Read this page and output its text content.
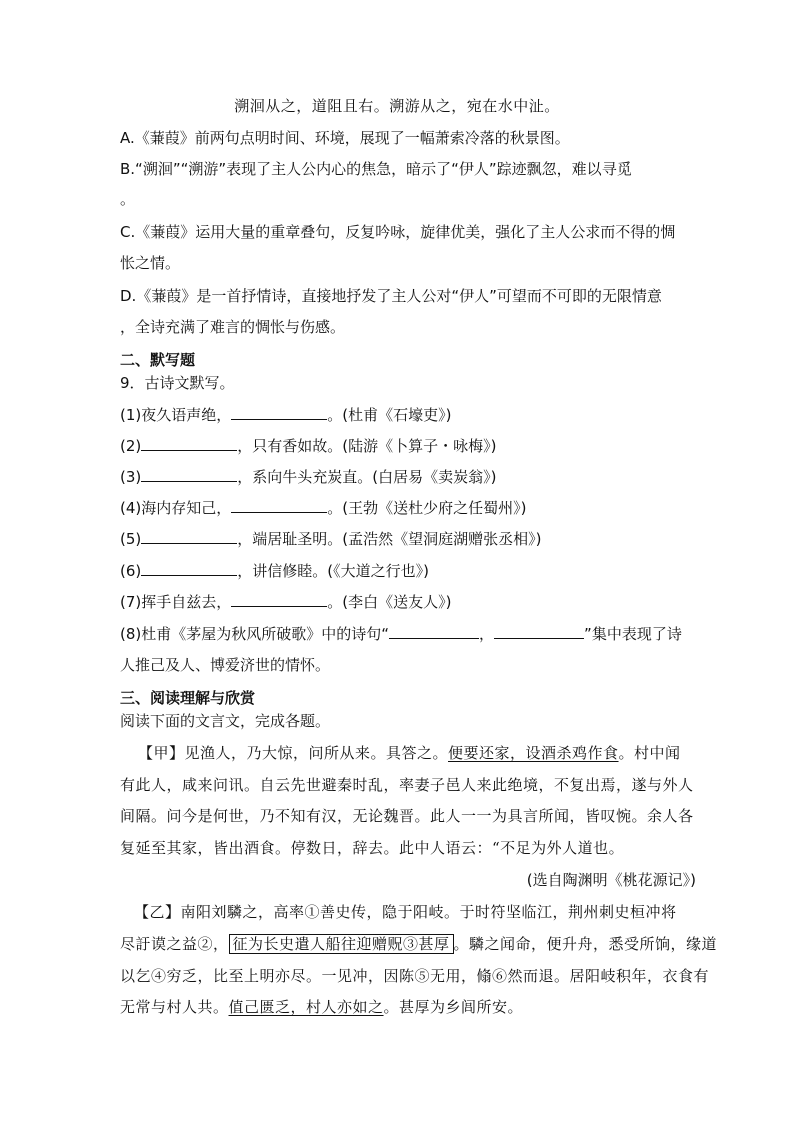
溯洄从之，道阻且右。溯游从之，宛在水中沚。
A.《蒹葭》前两句点明时间、环境，展现了一幅萧索冷落的秋景图。
B.“溯洄”“溯游”表现了主人公内心的焦急，暗示了“伊人”踪迹飘忽，难以寻觅
。
C.《蒹葭》运用大量的重章叠句，反复吟咏，旋律优美，强化了主人公求而不得的惆
怅之情。
D.《蒹葭》是一首抒情诗，直接地抒发了主人公对“伊人”可望而不可即的无限情意
，全诗充满了难言的惆怅与伤感。
二、默写题
9．古诗文默写。
(1)夜久语声绝，	。(杜甫《石壕吏》)
(2)	，只有香如故。(陆游《卜算子・咏梅》)
(3)	，系向牛头充炭直。(白居易《卖炭翁》)
(4)海内存知己，	。(王勃《送杜少府之任蜀州》)
(5)	，端居耻圣明。(孟浩然《望洞庭湖赠张丞相》)
(6)	，讲信修睦。(《大道之行也》)
(7)挥手自兹去，	。(李白《送友人》)
(8)杜甫《茅屋为秋风所破歌》中的诗句“	，	”集中表现了诗
人推己及人、博爱济世的情怀。
三、阅读理解与欣赏
阅读下面的文言文，完成各题。
【甲】见渔人，乃大惊，问所从来。具答之。便要还家，设酒杀鸡作食。村中闻
有此人，咸来问讯。自云先世避秦时乱，率妻子邑人来此绝境，不复出焉，遂与外人
间隔。问今是何世，乃不知有汉，无论魏晋。此人一一为具言所闻，皆叹惋。余人各
复延至其家，皆出酒食。停数日，辞去。此中人语云：“不足为外人道也。
(选自陶渊明《桃花源记》)
【乙】南阳刘驎之，高率①善史传，隐于阳岐。于时符坚临江，荆州刺史桓冲将
尽訏谟之益②， 征为长史遣人船往迎赠贶③甚厚 。驎之闻命，便升舟，悉受所饷，缘道
以乞④穷乏，比至上明亦尽。一见冲，因陈⑤无用，翛⑥然而退。居阳岐积年，衣食有
无常与村人共。值己匮乏，村人亦如之。甚厚为乡闾所安。
